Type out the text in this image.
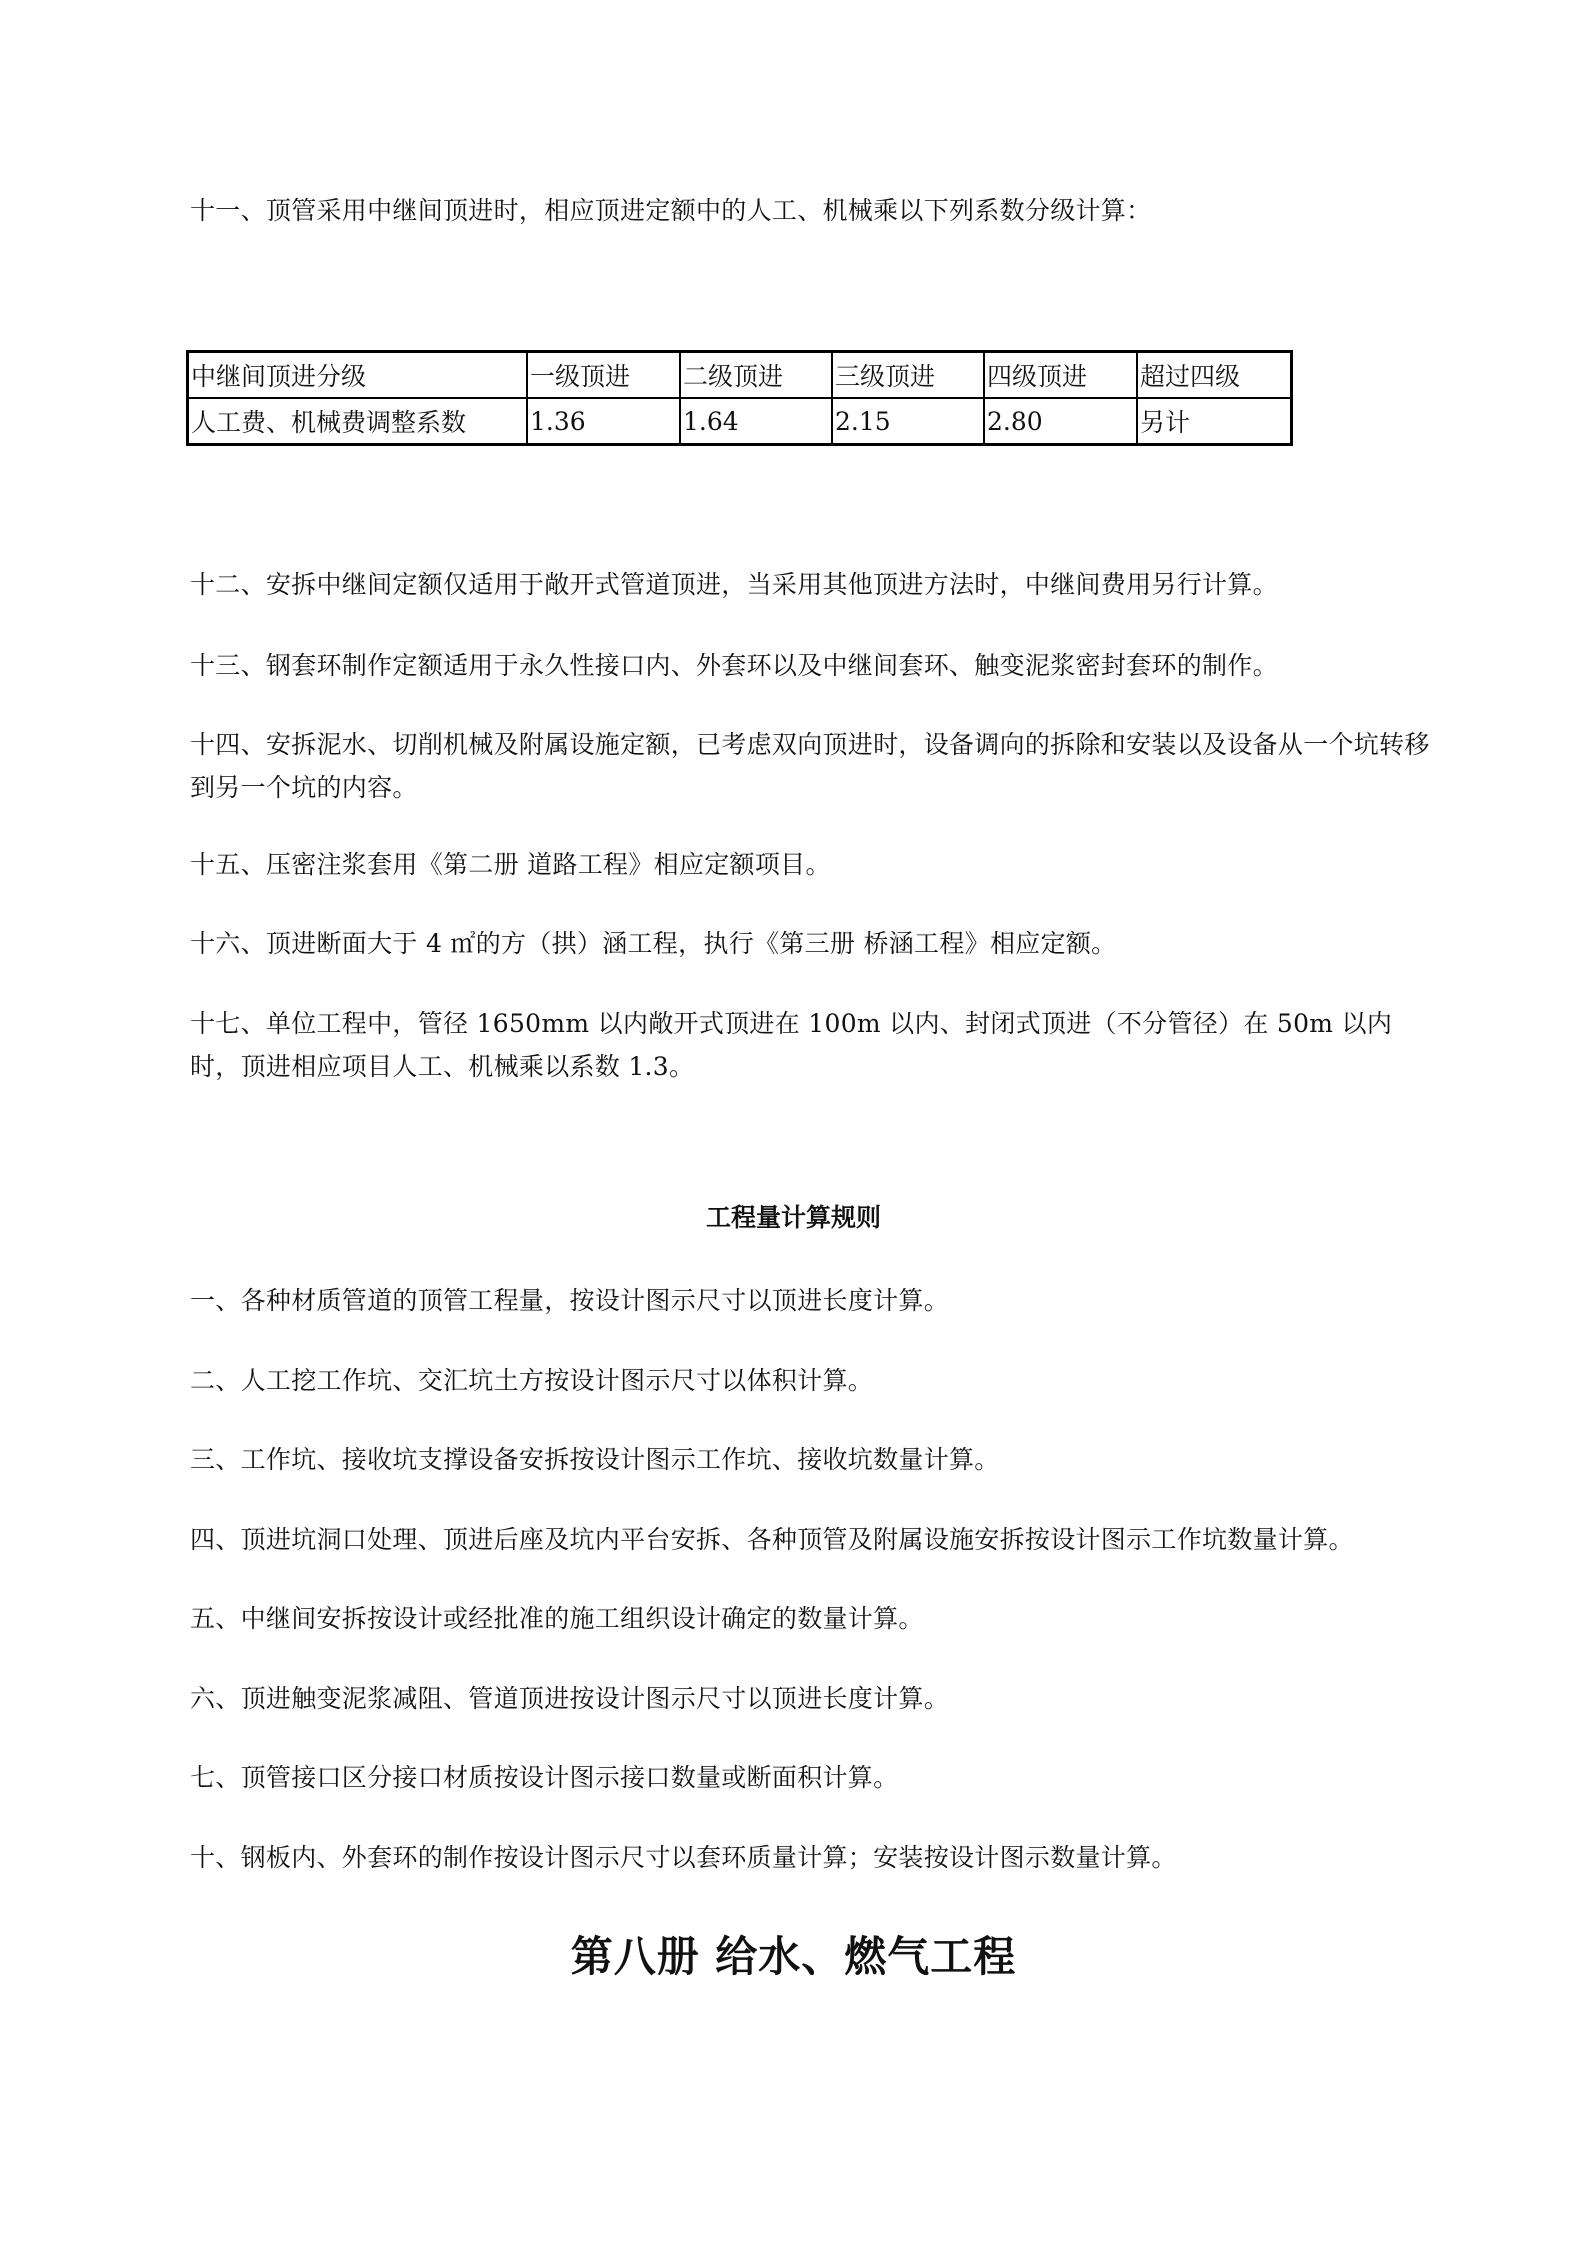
十一、顶管采用中继间顶进时，相应顶进定额中的人工、机械乘以下列系数分级计算：

中继间顶进分级	一级顶进	二级顶进	三级顶进	四级顶进	超过四级
人工费、机械费调整系数	1.36	1.64	2.15	2.80	另计

十二、安拆中继间定额仅适用于敞开式管道顶进，当采用其他顶进方法时，中继间费用另行计算。

十三、钢套环制作定额适用于永久性接口内、外套环以及中继间套环、触变泥浆密封套环的制作。

十四、安拆泥水、切削机械及附属设施定额，已考虑双向顶进时，设备调向的拆除和安装以及设备从一个坑转移到另一个坑的内容。

十五、压密注浆套用《第二册 道路工程》相应定额项目。

十六、顶进断面大于 4 ㎡的方（拱）涵工程，执行《第三册 桥涵工程》相应定额。

十七、单位工程中，管径 1650mm 以内敞开式顶进在 100m 以内、封闭式顶进（不分管径）在 50m 以内时，顶进相应项目人工、机械乘以系数 1.3。

工程量计算规则

一、各种材质管道的顶管工程量，按设计图示尺寸以顶进长度计算。

二、人工挖工作坑、交汇坑土方按设计图示尺寸以体积计算。

三、工作坑、接收坑支撑设备安拆按设计图示工作坑、接收坑数量计算。

四、顶进坑洞口处理、顶进后座及坑内平台安拆、各种顶管及附属设施安拆按设计图示工作坑数量计算。

五、中继间安拆按设计或经批准的施工组织设计确定的数量计算。

六、顶进触变泥浆减阻、管道顶进按设计图示尺寸以顶进长度计算。

七、顶管接口区分接口材质按设计图示接口数量或断面积计算。

十、钢板内、外套环的制作按设计图示尺寸以套环质量计算；安装按设计图示数量计算。

第八册 给水、燃气工程
